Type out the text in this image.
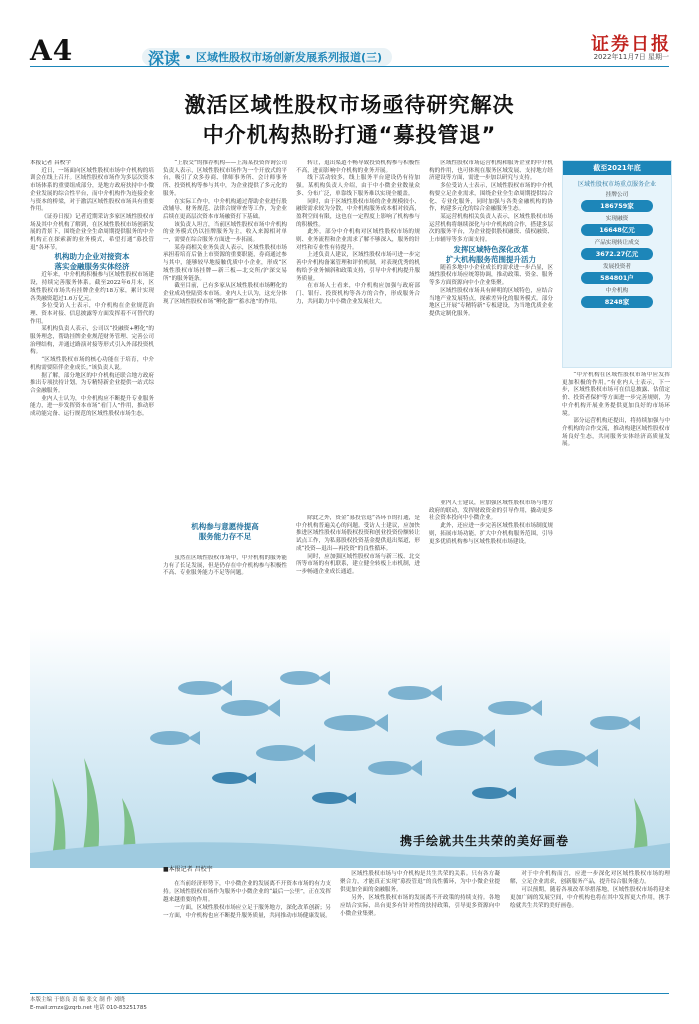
A4	深读 区域性股权市场创新发展系列报道(三)
证券日报
2022年11月7日 星期一
激活区域性股权市场亟待研究解决
中介机构热盼打通“募投管退”

本报记者 昌校宇

近日，一场面向区域性股权市场中介机构的培训会在线上召开。区域性股权市场作为多层次资本市场体系的重要组成部分，是地方政府扶持中小微企业发展的综合性平台，而中介机构作为连接企业与资本的桥梁，对于激活区域性股权市场具有重要作用。

《证券日报》记者近期采访多家区域性股权市场及其中介机构了解到，在区域性股权市场创新发展的背景下，围绕企业全生命周期提供服务的中介机构正在探索新的业务模式，希望打通“募投管退”各环节。

机构助力企业对接资本
落实金融服务实体经济

近年来，中介机构积极参与区域性股权市场建设，持续完善服务体系。截至2022年6月末，区域性股权市场共有挂牌企业约18万家，累计实现各类融资超过1.6万亿元。

多位受访人士表示，中介机构在企业规范治理、资本对接、信息披露等方面发挥着不可替代的作用。

某机构负责人表示，公司以“投融资+孵化”的服务理念，帮助挂牌企业规范财务管理、完善公司治理结构，并通过路演对接等形式引入外部投资机构。

“区域性股权市场的核心功能在于培育，中介机构需要陪伴企业成长。”该负责人说。

据了解，部分地区的中介机构还联合地方政府推出专项扶持计划，为专精特新企业提供一站式综合金融服务。

业内人士认为，中介机构应不断提升专业服务能力，进一步发挥资本市场“看门人”作用，推动形成功能完备、运行规范的区域性股权市场生态。

“上股交”的推荐机构——上海某投资咨询公司负责人表示，区域性股权市场作为一个开放式的平台，吸引了众多券商、律师事务所、会计师事务所、投资机构等参与其中，为企业提供了多元化的服务。

在实际工作中，中介机构通过帮助企业进行股改辅导、财务规范、法律合规审查等工作，为企业后续在更高层次资本市场融资打下基础。

该负责人坦言，当前区域性股权市场中介机构的业务模式仍以挂牌服务为主，收入来源相对单一，需要在综合服务方面进一步拓展。

某券商相关业务负责人表示，区域性股权市场承担着培育后备上市资源的重要职能，券商通过参与其中，能够较早地接触优质中小企业，形成“区域性股权市场挂牌—新三板—北交所/沪深交易所”的服务链条。

截至目前，已有多家从区域性股权市场孵化的企业成功登陆资本市场。业内人士认为，这充分体现了区域性股权市场“孵化器”“蓄水池”的作用。

机构参与意愿待提高
服务能力存不足

虽然在区域性股权市场中，中介机构的服务能力有了长足发展，但是仍存在中介机构参与积极性不高、专业服务能力不足等问题。

转让，退出渠道不畅导致投资机构参与积极性不高，进而影响中介机构的业务开展。

线下活动较多，线上服务平台建设仍有待加强。某机构负责人介绍，由于中小微企业数量众多、分布广泛，单靠线下服务难以实现全覆盖。

同时，由于区域性股权市场的企业规模较小、融资需求较为分散，中介机构服务成本相对较高，盈利空间有限，这也在一定程度上影响了机构参与的积极性。

此外，部分中介机构对区域性股权市场的规则、业务流程和企业需求了解不够深入，服务的针对性和专业性有待提升。

上述负责人建议，区域性股权市场可进一步完善中介机构备案管理和评价机制，对表现优秀的机构给予业务倾斜和政策支持，引导中介机构提升服务质量。

在市场人士看来，中介机构应加强与政府部门、银行、投资机构等各方的合作，形成服务合力，共同助力中小微企业发展壮大。

除此之外，资金“募投管退”各环节的打通，是中介机构普遍关心的问题。受访人士建议，应加快推进区域性股权市场股权投资和创业投资份额转让试点工作，为私募股权投资基金提供退出渠道，形成“投资—退出—再投资”的良性循环。

同时，应加强区域性股权市场与新三板、北交所等市场的有机联系，建立健全转板上市机制，进一步畅通企业成长通道。

区域性股权市场运营机构和服务企业的中介机构的作用，也可体现在服务区域发展、支持地方经济建设等方面，需进一步加以研究与支持。

多位受访人士表示，区域性股权市场的中介机构要立足企业需求，围绕企业全生命周期提供综合化、专业化服务，同时加强与各类金融机构的协作，构建多元化的综合金融服务生态。

某运营机构相关负责人表示，区域性股权市场运营机构将继续深化与中介机构的合作，搭建多层次的服务平台，为企业提供股权融资、债权融资、上市辅导等多方面支持。

发挥区域特色深化改革
扩大机构服务范围提升活力

随着多地中小企业成长的需求进一步凸显，区域性股权市场应统筹协调，推动政策、资金、服务等多方面资源向中小企业集聚。

区域性股权市场具有鲜明的区域特色，应结合当地产业发展特点，探索差异化的服务模式。部分地区已开展“专精特新”专板建设，为当地优质企业提供定制化服务。

业内人士建议，应加强区域性股权市场与地方政府的联动，发挥财政资金的引导作用，撬动更多社会资本投向中小微企业。

此外，还应进一步完善区域性股权市场制度规则，拓展市场功能，扩大中介机构服务范围，引导更多优质机构参与区域性股权市场建设。

截至2021年底
区域性股权市场重点服务企业
挂牌公司
186759家
实现融资
16648亿元
产品实现转让成交
3672.27亿元
发展投资者
584801户
中介机构
8248家

“中介机构在区域性股权市场中应发挥更加积极的作用。”有业内人士表示，下一步，区域性股权市场可在信息披露、估值定价、投资者保护等方面进一步完善规则，为中介机构开展业务提供更加良好的市场环境。

部分运营机构还提出，将持续加强与中介机构的合作交流，推动构建区域性股权市场良好生态，共同服务实体经济高质量发展。

携手绘就共生共荣的美好画卷
■本报记者 昌校宇

在当前经济形势下，中小微企业的发展离不开资本市场的有力支持。区域性股权市场作为服务中小微企业的“最后一公里”，正在发挥越来越重要的作用。

一方面，区域性股权市场应立足于服务地方，深化改革创新；另一方面，中介机构也应不断提升服务质量，共同推动市场健康发展。

区域性股权市场与中介机构是共生共荣的关系。只有各方凝聚合力，才能真正实现“募投管退”的良性循环，为中小微企业提供更加全面的金融服务。

另外，区域性股权市场的发展离不开政策的持续支持。各地应结合实际，出台更多有针对性的扶持政策，引导更多资源向中小微企业集聚。

对于中介机构而言，应进一步深化对区域性股权市场的理解，立足企业需求，创新服务产品，提升综合服务能力。

可以预期，随着各项改革举措落地，区域性股权市场将迎来更加广阔的发展空间，中介机构也将在其中发挥更大作用，携手绘就共生共荣的美好画卷。

本版主编 于德良 责 编 张文 制 作 刘晓
E-mail:zmzx@zqrb.net 电话 010-83251785
